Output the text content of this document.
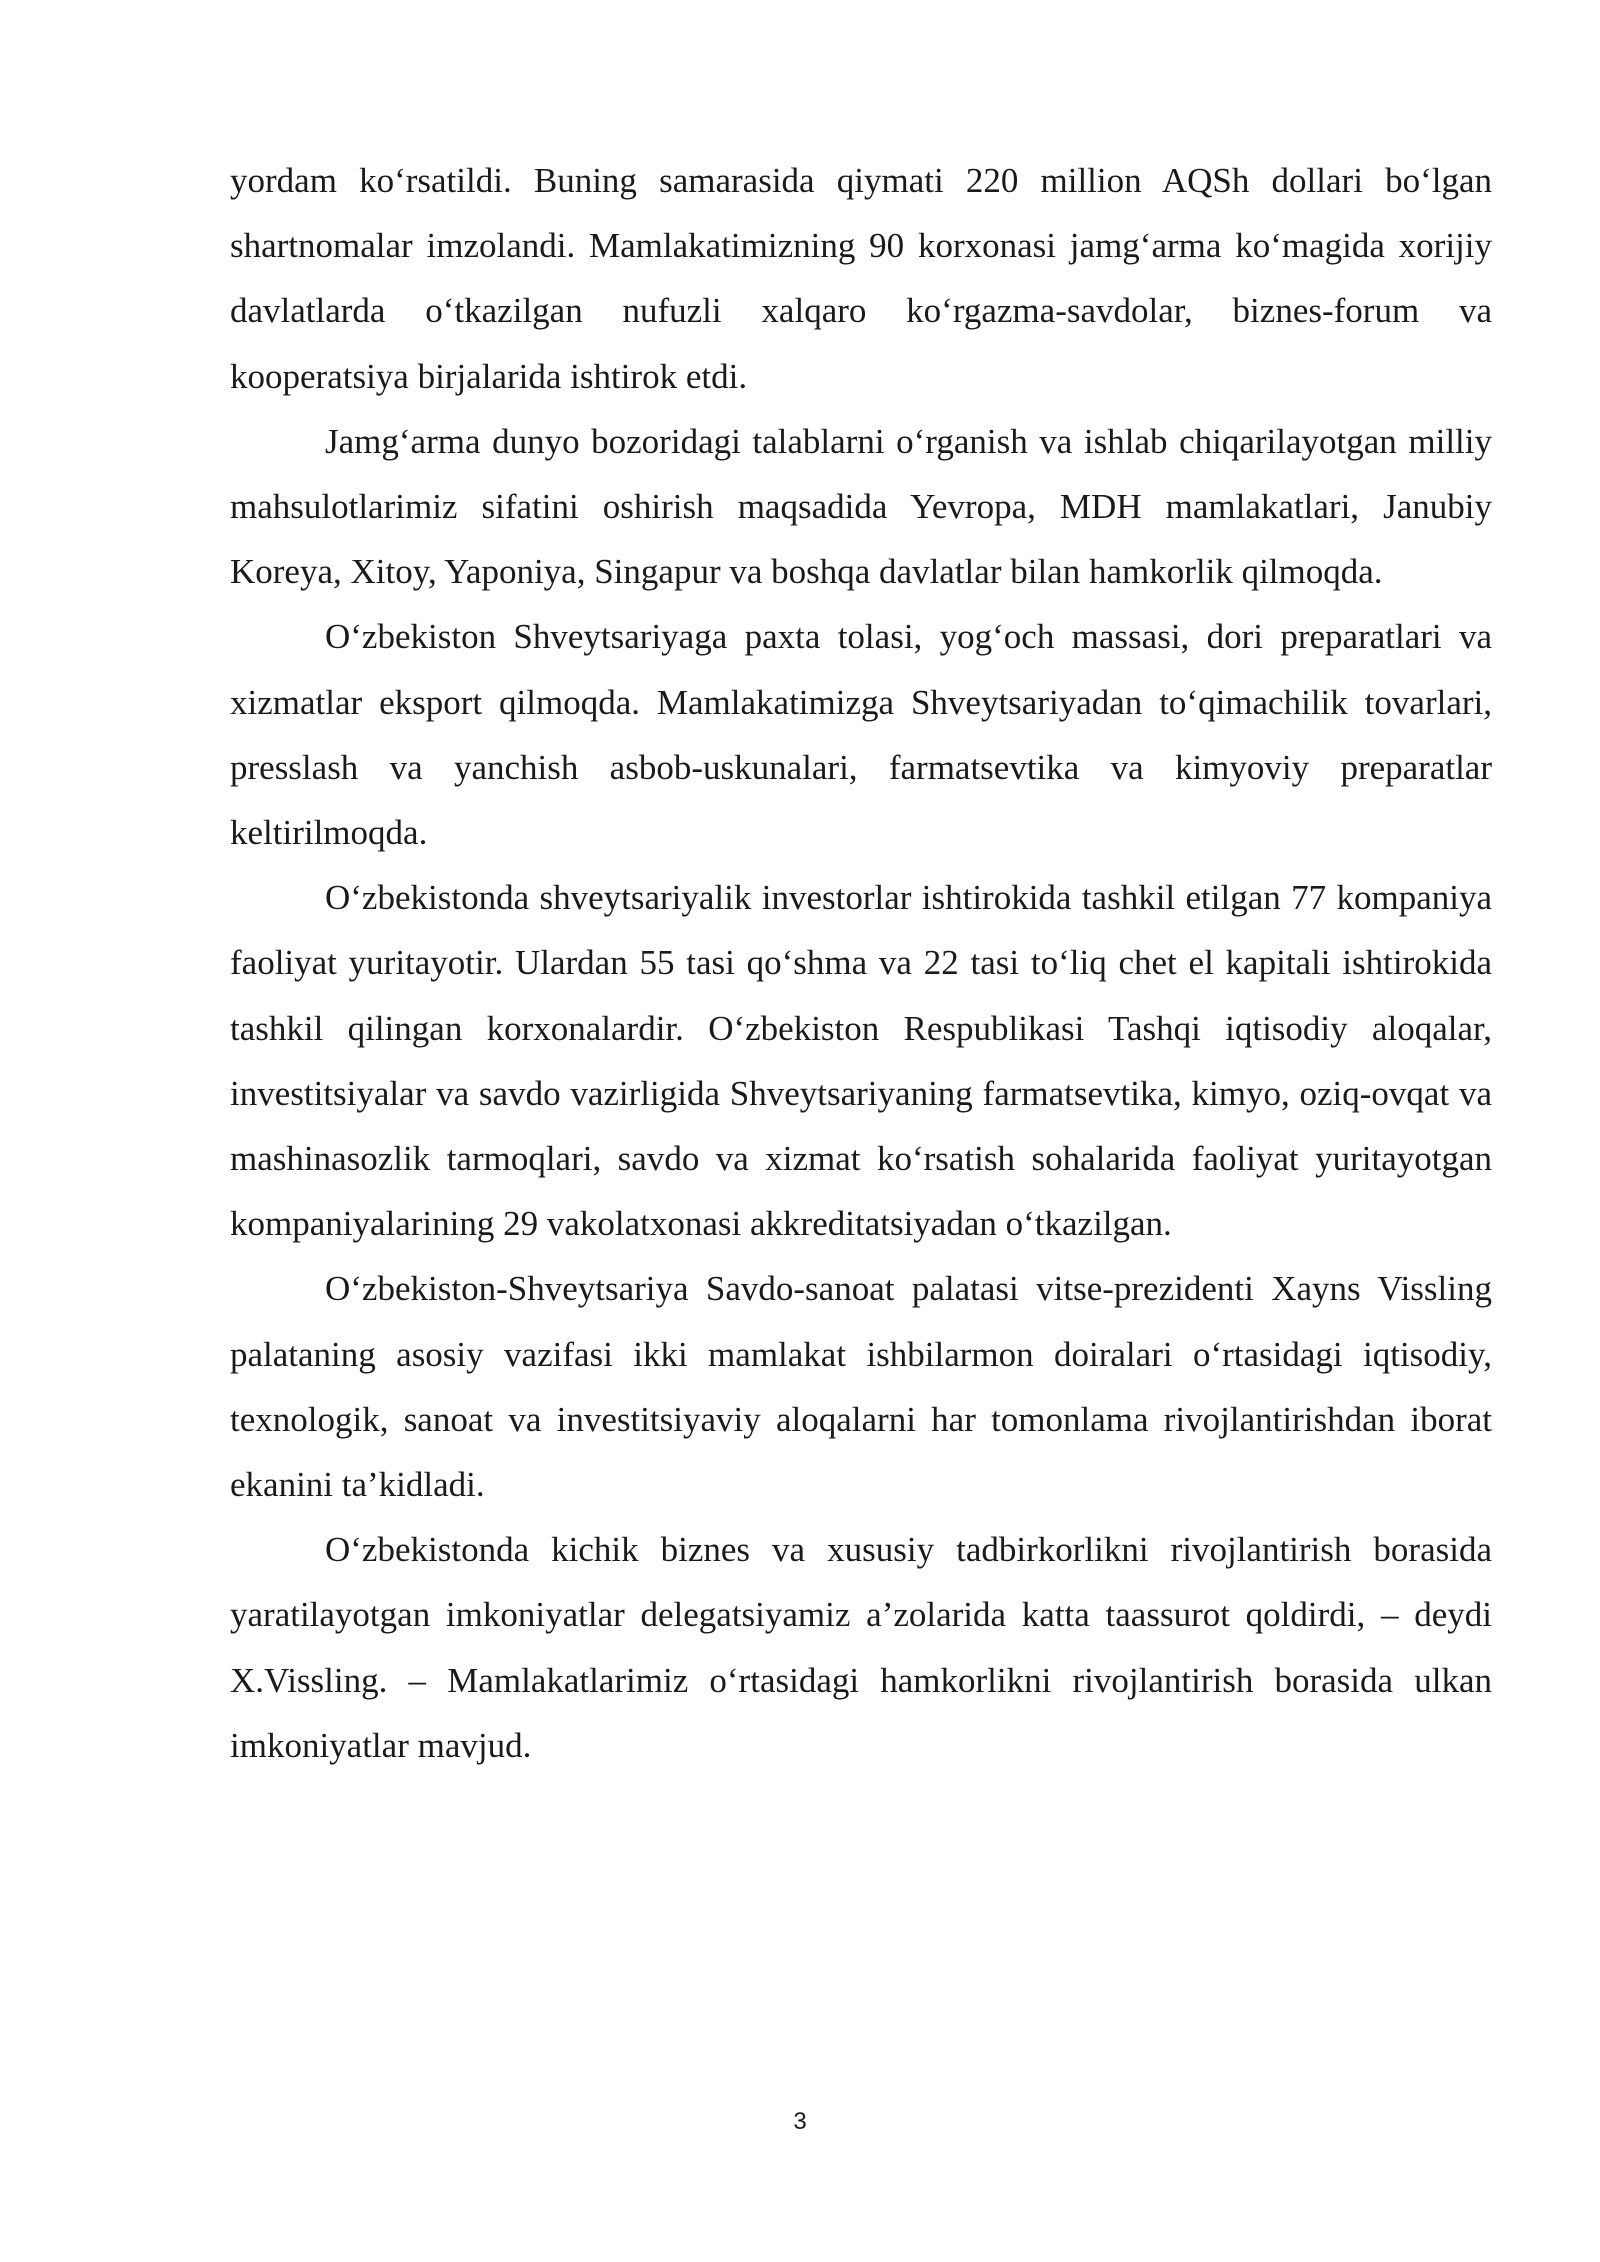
yordam ko‘rsatildi. Buning samarasida qiymati 220 million AQSh dollari bo‘lgan shartnomalar imzolandi. Mamlakatimizning 90 korxonasi jamg‘arma ko‘magida xorijiy davlatlarda o‘tkazilgan nufuzli xalqaro ko‘rgazma-savdolar, biznes-forum va kooperatsiya birjalarida ishtirok etdi.

Jamg‘arma dunyo bozoridagi talablarni o‘rganish va ishlab chiqarilayotgan milliy mahsulotlarimiz sifatini oshirish maqsadida Yevropa, MDH mamlakatlari, Janubiy Koreya, Xitoy, Yaponiya, Singapur va boshqa davlatlar bilan hamkorlik qilmoqda.

O‘zbekiston Shveytsariyaga paxta tolasi, yog‘och massasi, dori preparatlari va xizmatlar eksport qilmoqda. Mamlakatimizga Shveytsariyadan to‘qimachilik tovarlari, presslash va yanchish asbob-uskunalari, farmatsevtika va kimyoviy preparatlar keltirilmoqda.

O‘zbekistonda shveytsariyalik investorlar ishtirokida tashkil etilgan 77 kompaniya faoliyat yuritayotir. Ulardan 55 tasi qo‘shma va 22 tasi to‘liq chet el kapitali ishtirokida tashkil qilingan korxonalardir. O‘zbekiston Respublikasi Tashqi iqtisodiy aloqalar, investitsiyalar va savdo vazirligida Shveytsariyaning farmatsevtika, kimyo, oziq-ovqat va mashinasozlik tarmoqlari, savdo va xizmat ko‘rsatish sohalarida faoliyat yuritayotgan kompaniyalarining 29 vakolatxonasi akkreditatsiyadan o‘tkazilgan.

O‘zbekiston-Shveytsariya Savdo-sanoat palatasi vitse-prezidenti Xayns Vissling palataning asosiy vazifasi ikki mamlakat ishbilarmon doiralari o‘rtasidagi iqtisodiy, texnologik, sanoat va investitsiyaviy aloqalarni har tomonlama rivojlantirishdan iborat ekanini ta’kidladi.

O‘zbekistonda kichik biznes va xususiy tadbirkorlikni rivojlantirish borasida yaratilayotgan imkoniyatlar delegatsiyamiz a’zolarida katta taassurot qoldirdi, – deydi X.Vissling. – Mamlakatlarimiz o‘rtasidagi hamkorlikni rivojlantirish borasida ulkan imkoniyatlar mavjud.

3
